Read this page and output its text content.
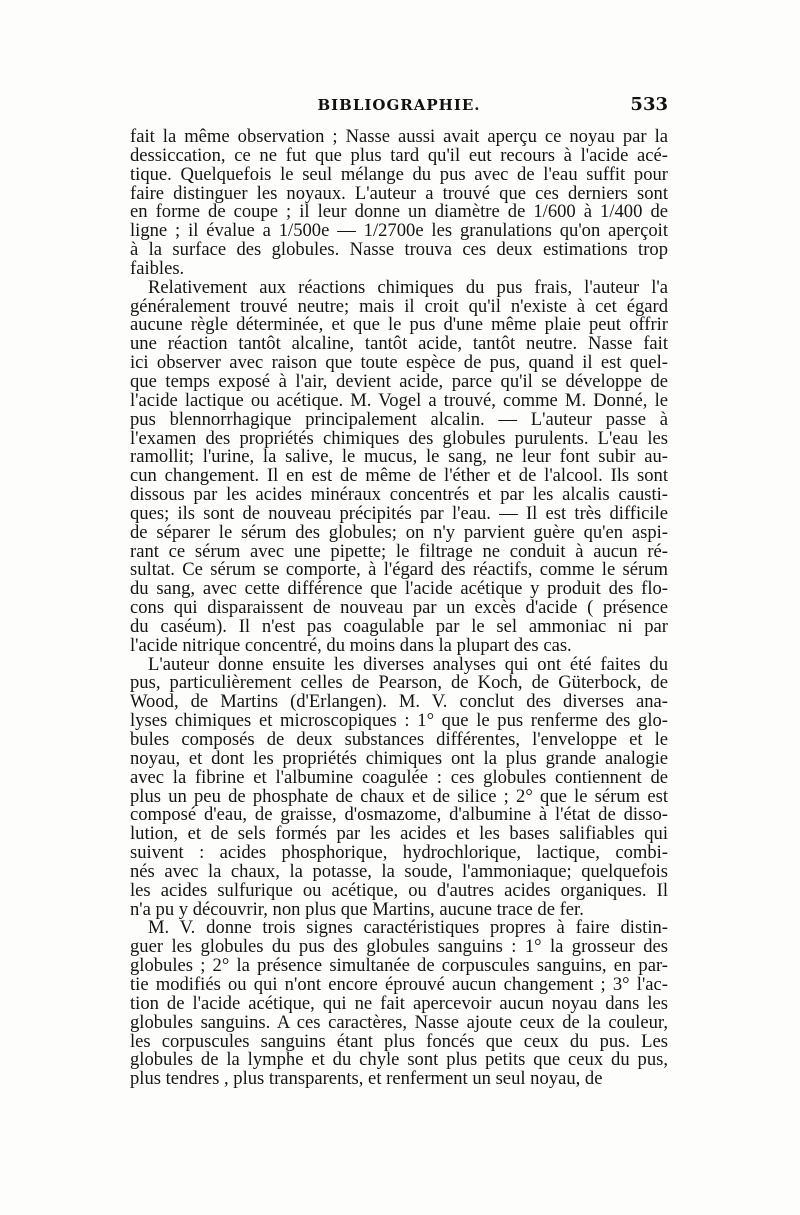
BIBLIOGRAPHIE.	533
fait la même observation ; Nasse aussi avait aperçu ce noyau par la
dessiccation, ce ne fut que plus tard qu'il eut recours à l'acide acé-
tique. Quelquefois le seul mélange du pus avec de l'eau suffit pour
faire distinguer les noyaux. L'auteur a trouvé que ces derniers sont
en forme de coupe ; il leur donne un diamètre de 1/600 à 1/400 de
ligne ; il évalue a 1/500e — 1/2700e les granulations qu'on aperçoit
à la surface des globules. Nasse trouva ces deux estimations trop
faibles.
Relativement aux réactions chimiques du pus frais, l'auteur l'a
généralement trouvé neutre; mais il croit qu'il n'existe à cet égard
aucune règle déterminée, et que le pus d'une même plaie peut offrir
une réaction tantôt alcaline, tantôt acide, tantôt neutre. Nasse fait
ici observer avec raison que toute espèce de pus, quand il est quel-
que temps exposé à l'air, devient acide, parce qu'il se développe de
l'acide lactique ou acétique. M. Vogel a trouvé, comme M. Donné, le
pus blennorrhagique principalement alcalin. — L'auteur passe à
l'examen des propriétés chimiques des globules purulents. L'eau les
ramollit; l'urine, la salive, le mucus, le sang, ne leur font subir au-
cun changement. Il en est de même de l'éther et de l'alcool. Ils sont
dissous par les acides minéraux concentrés et par les alcalis causti-
ques; ils sont de nouveau précipités par l'eau. — Il est très difficile
de séparer le sérum des globules; on n'y parvient guère qu'en aspi-
rant ce sérum avec une pipette; le filtrage ne conduit à aucun ré-
sultat. Ce sérum se comporte, à l'égard des réactifs, comme le sérum
du sang, avec cette différence que l'acide acétique y produit des flo-
cons qui disparaissent de nouveau par un excès d'acide ( présence
du caséum). Il n'est pas coagulable par le sel ammoniac ni par
l'acide nitrique concentré, du moins dans la plupart des cas.
L'auteur donne ensuite les diverses analyses qui ont été faites du
pus, particulièrement celles de Pearson, de Koch, de Güterbock, de
Wood, de Martins (d'Erlangen). M. V. conclut des diverses ana-
lyses chimiques et microscopiques : 1° que le pus renferme des glo-
bules composés de deux substances différentes, l'enveloppe et le
noyau, et dont les propriétés chimiques ont la plus grande analogie
avec la fibrine et l'albumine coagulée : ces globules contiennent de
plus un peu de phosphate de chaux et de silice ; 2° que le sérum est
composé d'eau, de graisse, d'osmazome, d'albumine à l'état de disso-
lution, et de sels formés par les acides et les bases salifiables qui
suivent : acides phosphorique, hydrochlorique, lactique, combi-
nés avec la chaux, la potasse, la soude, l'ammoniaque; quelquefois
les acides sulfurique ou acétique, ou d'autres acides organiques. Il
n'a pu y découvrir, non plus que Martins, aucune trace de fer.
M. V. donne trois signes caractéristiques propres à faire distin-
guer les globules du pus des globules sanguins : 1° la grosseur des
globules ; 2° la présence simultanée de corpuscules sanguins, en par-
tie modifiés ou qui n'ont encore éprouvé aucun changement ; 3° l'ac-
tion de l'acide acétique, qui ne fait apercevoir aucun noyau dans les
globules sanguins. A ces caractères, Nasse ajoute ceux de la couleur,
les corpuscules sanguins étant plus foncés que ceux du pus. Les
globules de la lymphe et du chyle sont plus petits que ceux du pus,
plus tendres , plus transparents, et renferment un seul noyau, de
